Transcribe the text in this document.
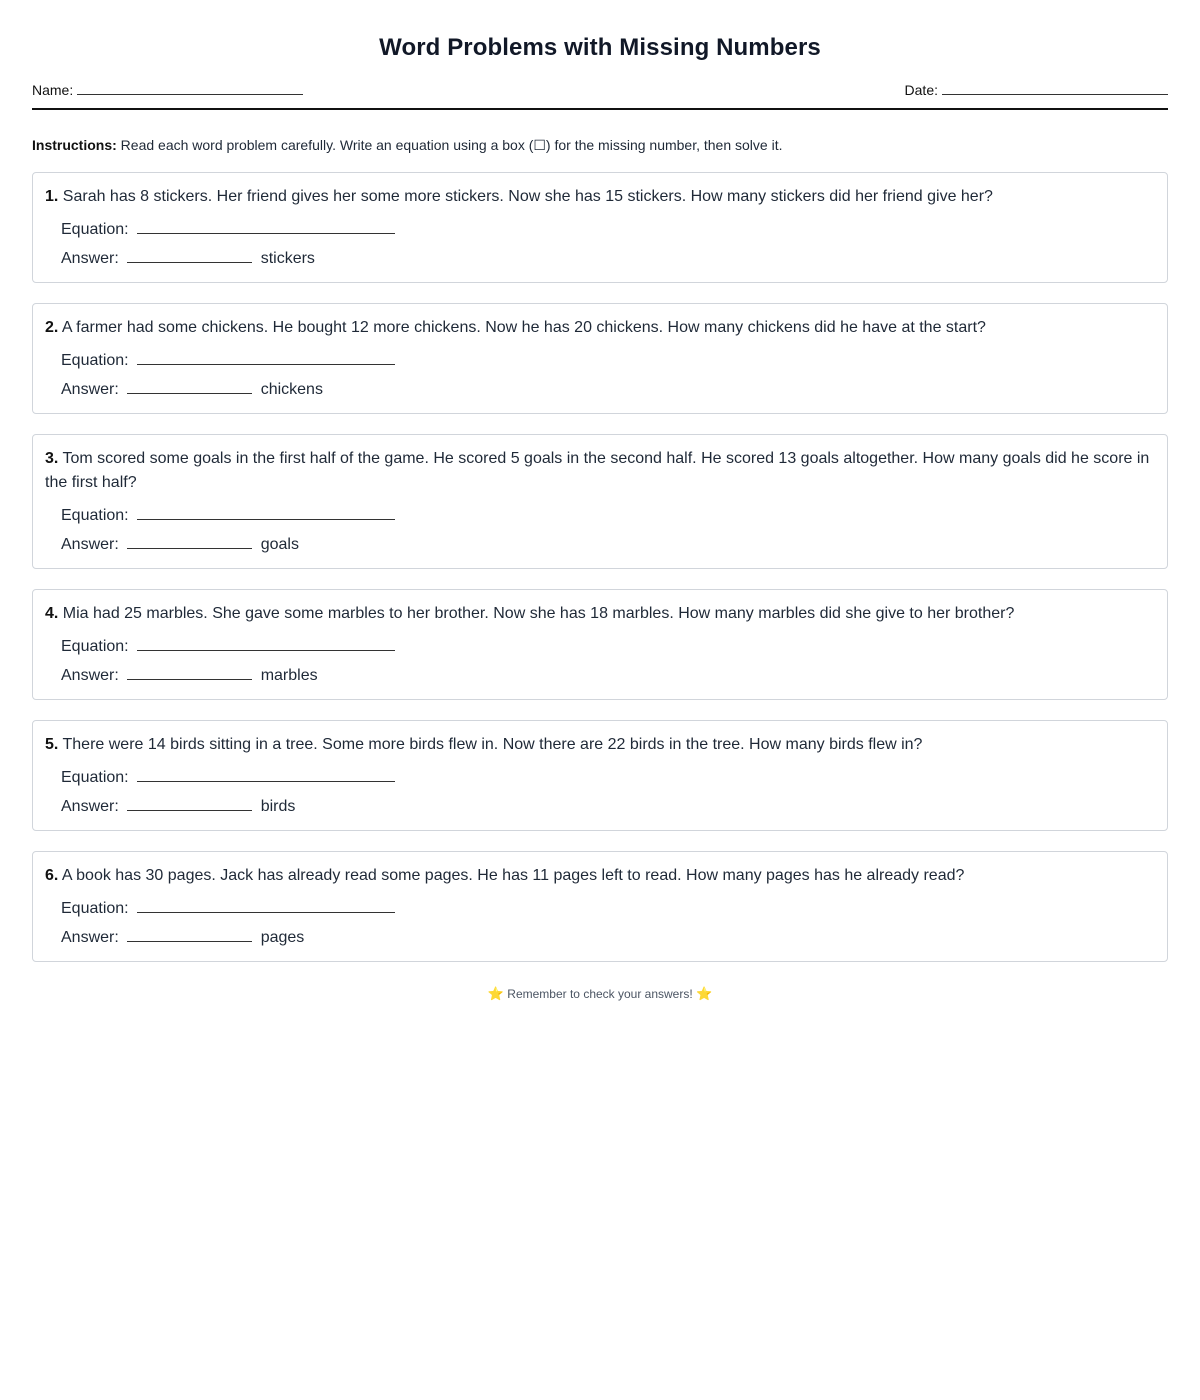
Word Problems with Missing Numbers
Name:	Date:
Instructions: Read each word problem carefully. Write an equation using a box (☐) for the missing number, then solve it.
1. Sarah has 8 stickers. Her friend gives her some more stickers. Now she has 15 stickers. How many stickers did her friend give her?
Equation:
Answer:	stickers
2. A farmer had some chickens. He bought 12 more chickens. Now he has 20 chickens. How many chickens did he have at the start?
Equation:
Answer:	chickens
3. Tom scored some goals in the first half of the game. He scored 5 goals in the second half. He scored 13 goals altogether. How many goals did he score in the first half?
Equation:
Answer:	goals
4. Mia had 25 marbles. She gave some marbles to her brother. Now she has 18 marbles. How many marbles did she give to her brother?
Equation:
Answer:	marbles
5. There were 14 birds sitting in a tree. Some more birds flew in. Now there are 22 birds in the tree. How many birds flew in?
Equation:
Answer:	birds
6. A book has 30 pages. Jack has already read some pages. He has 11 pages left to read. How many pages has he already read?
Equation:
Answer:	pages
⭐ Remember to check your answers! ⭐
